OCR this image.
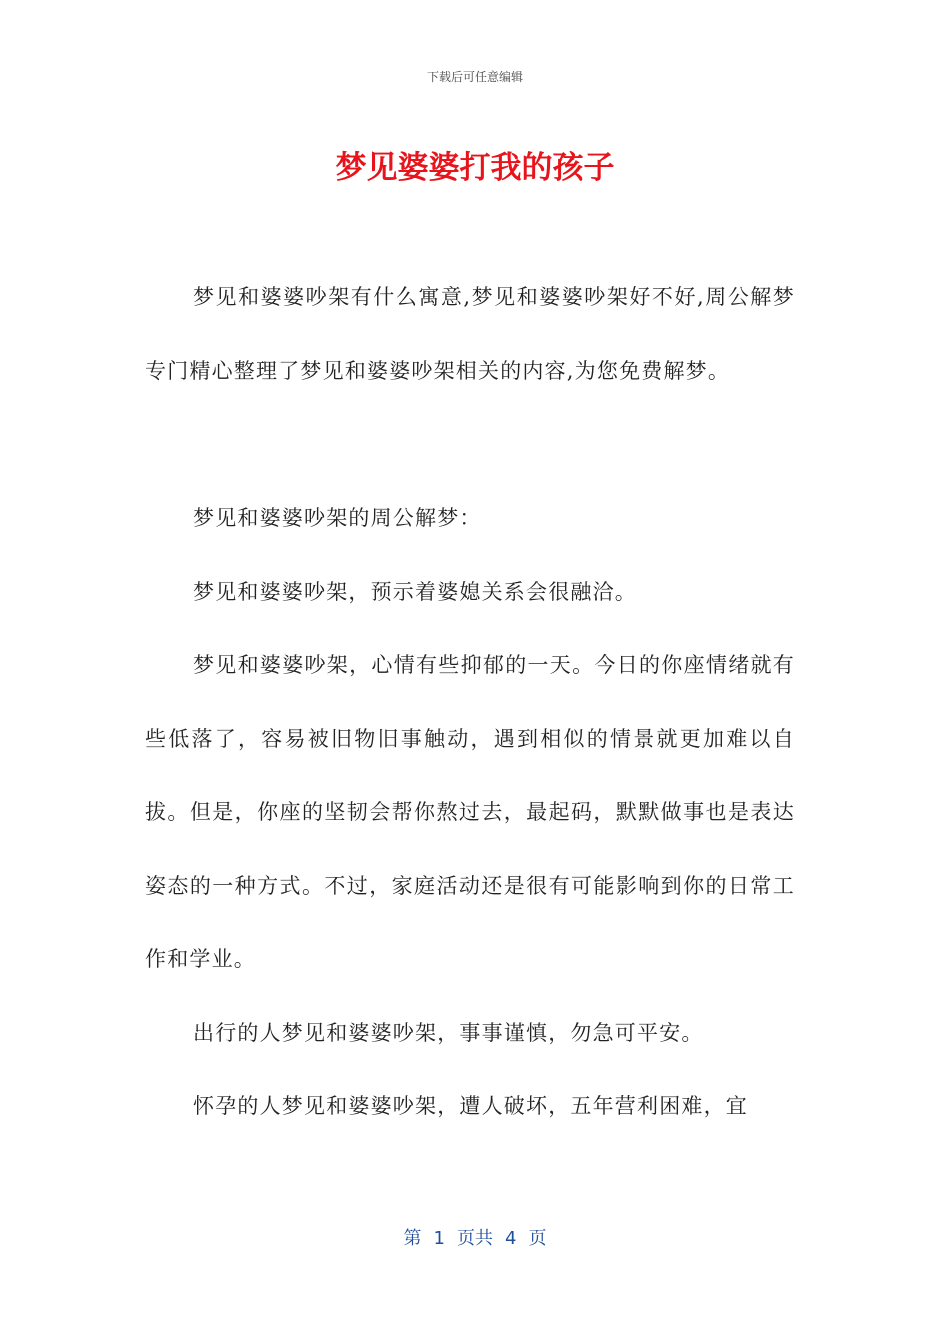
下载后可任意编辑
梦见婆婆打我的孩子

梦见和婆婆吵架有什么寓意,梦见和婆婆吵架好不好,周公解梦专门精心整理了梦见和婆婆吵架相关的内容,为您免费解梦。

梦见和婆婆吵架的周公解梦：

梦见和婆婆吵架，预示着婆媳关系会很融洽。

梦见和婆婆吵架，心情有些抑郁的一天。今日的你座情绪就有些低落了，容易被旧物旧事触动，遇到相似的情景就更加难以自拔。但是，你座的坚韧会帮你熬过去，最起码，默默做事也是表达姿态的一种方式。不过，家庭活动还是很有可能影响到你的日常工作和学业。

出行的人梦见和婆婆吵架，事事谨慎，勿急可平安。

怀孕的人梦见和婆婆吵架，遭人破坏，五年营利困难，宜

第 1 页共 4 页
